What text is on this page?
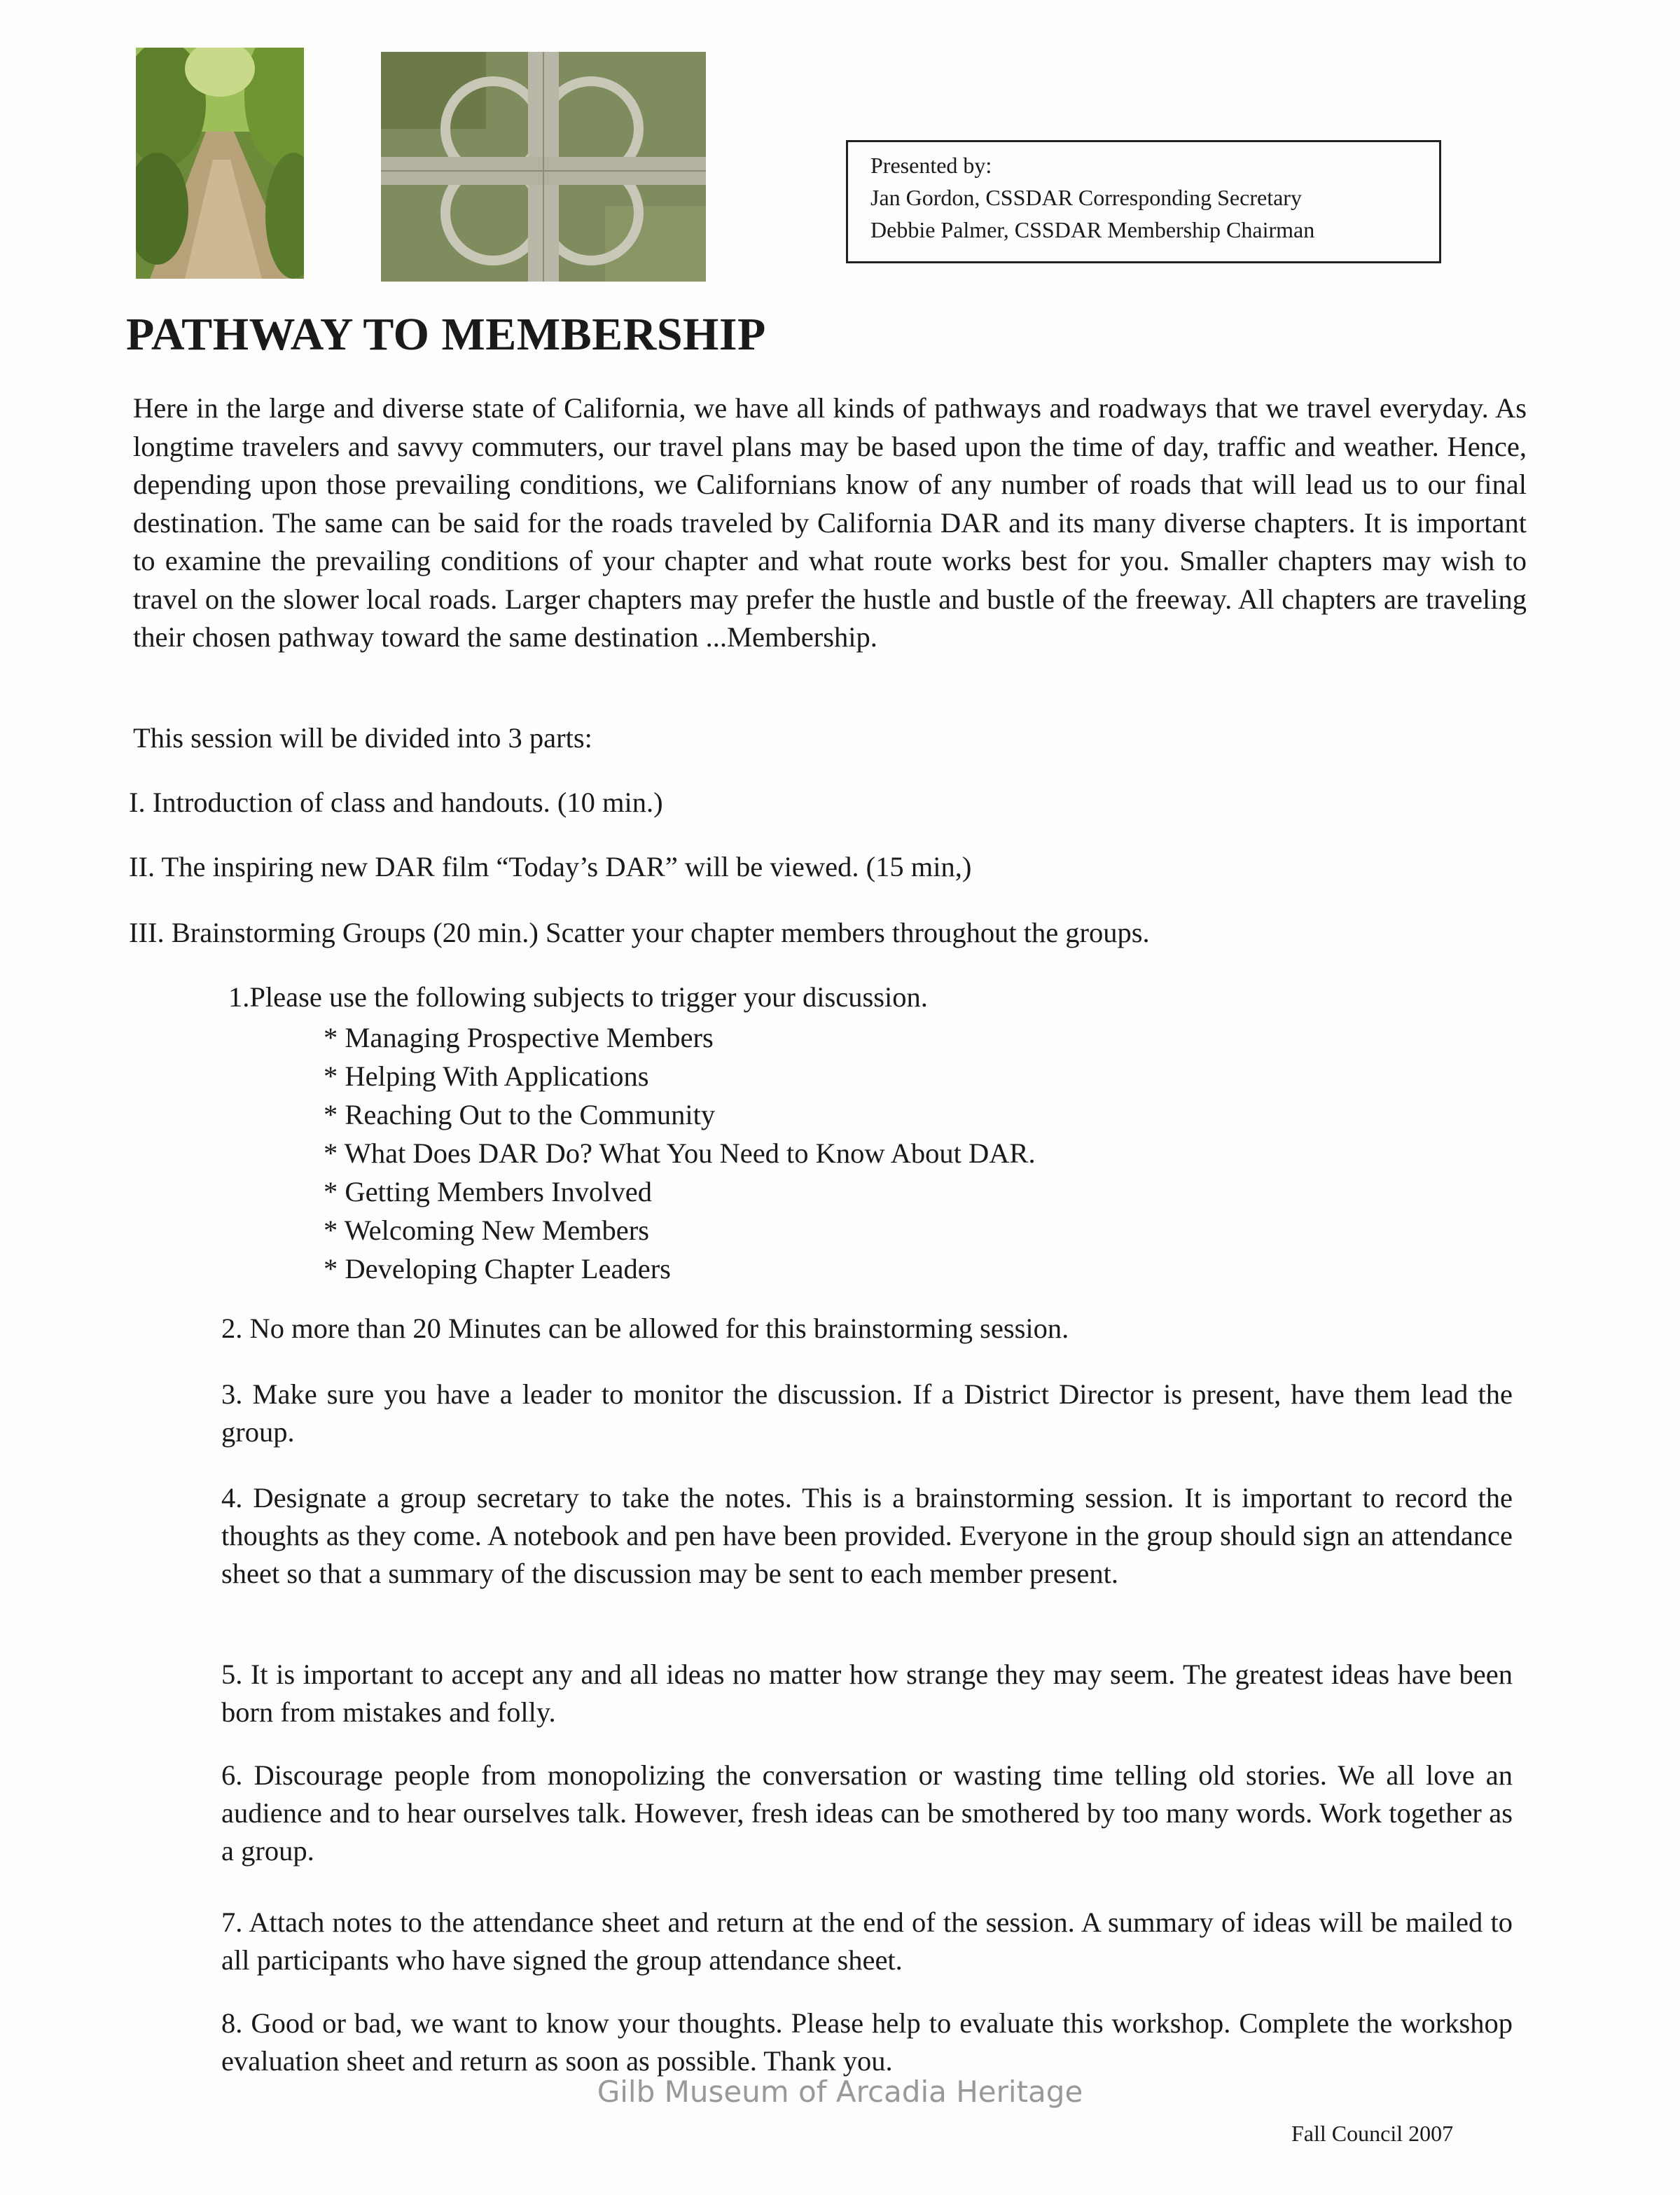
Presented by:
Jan Gordon, CSSDAR Corresponding Secretary
Debbie Palmer, CSSDAR Membership Chairman
PATHWAY TO MEMBERSHIP

Here in the large and diverse state of California, we have all kinds of pathways and roadways that we travel everyday. As longtime travelers and savvy commuters, our travel plans may be based upon the time of day, traffic and weather. Hence, depending upon those prevailing conditions, we Californians know of any number of roads that will lead us to our final destination. The same can be said for the roads traveled by California DAR and its many diverse chapters. It is important to examine the prevailing conditions of your chapter and what route works best for you. Smaller chapters may wish to travel on the slower local roads. Larger chapters may prefer the hustle and bustle of the freeway. All chapters are traveling their chosen pathway toward the same destination ...Membership.

This session will be divided into 3 parts:
I. Introduction of class and handouts. (10 min.)
II. The inspiring new DAR film “Today’s DAR” will be viewed. (15 min,)
III. Brainstorming Groups (20 min.) Scatter your chapter members throughout the groups.
1.Please use the following subjects to trigger your discussion.
* Managing Prospective Members
* Helping With Applications
* Reaching Out to the Community
* What Does DAR Do? What You Need to Know About DAR.
* Getting Members Involved
* Welcoming New Members
* Developing Chapter Leaders

2. No more than 20 Minutes can be allowed for this brainstorming session.

3. Make sure you have a leader to monitor the discussion. If a District Director is present, have them lead the group.

4. Designate a group secretary to take the notes. This is a brainstorming session. It is important to record the thoughts as they come. A notebook and pen have been provided. Everyone in the group should sign an attendance sheet so that a summary of the discussion may be sent to each member present.

5. It is important to accept any and all ideas no matter how strange they may seem. The greatest ideas have been born from mistakes and folly.

6. Discourage people from monopolizing the conversation or wasting time telling old stories. We all love an audience and to hear ourselves talk. However, fresh ideas can be smothered by too many words. Work together as a group.

7. Attach notes to the attendance sheet and return at the end of the session. A summary of ideas will be mailed to all participants who have signed the group attendance sheet.

8. Good or bad, we want to know your thoughts. Please help to evaluate this workshop. Complete the workshop evaluation sheet and return as soon as possible. Thank you.

Gilb Museum of Arcadia Heritage
Fall Council 2007
